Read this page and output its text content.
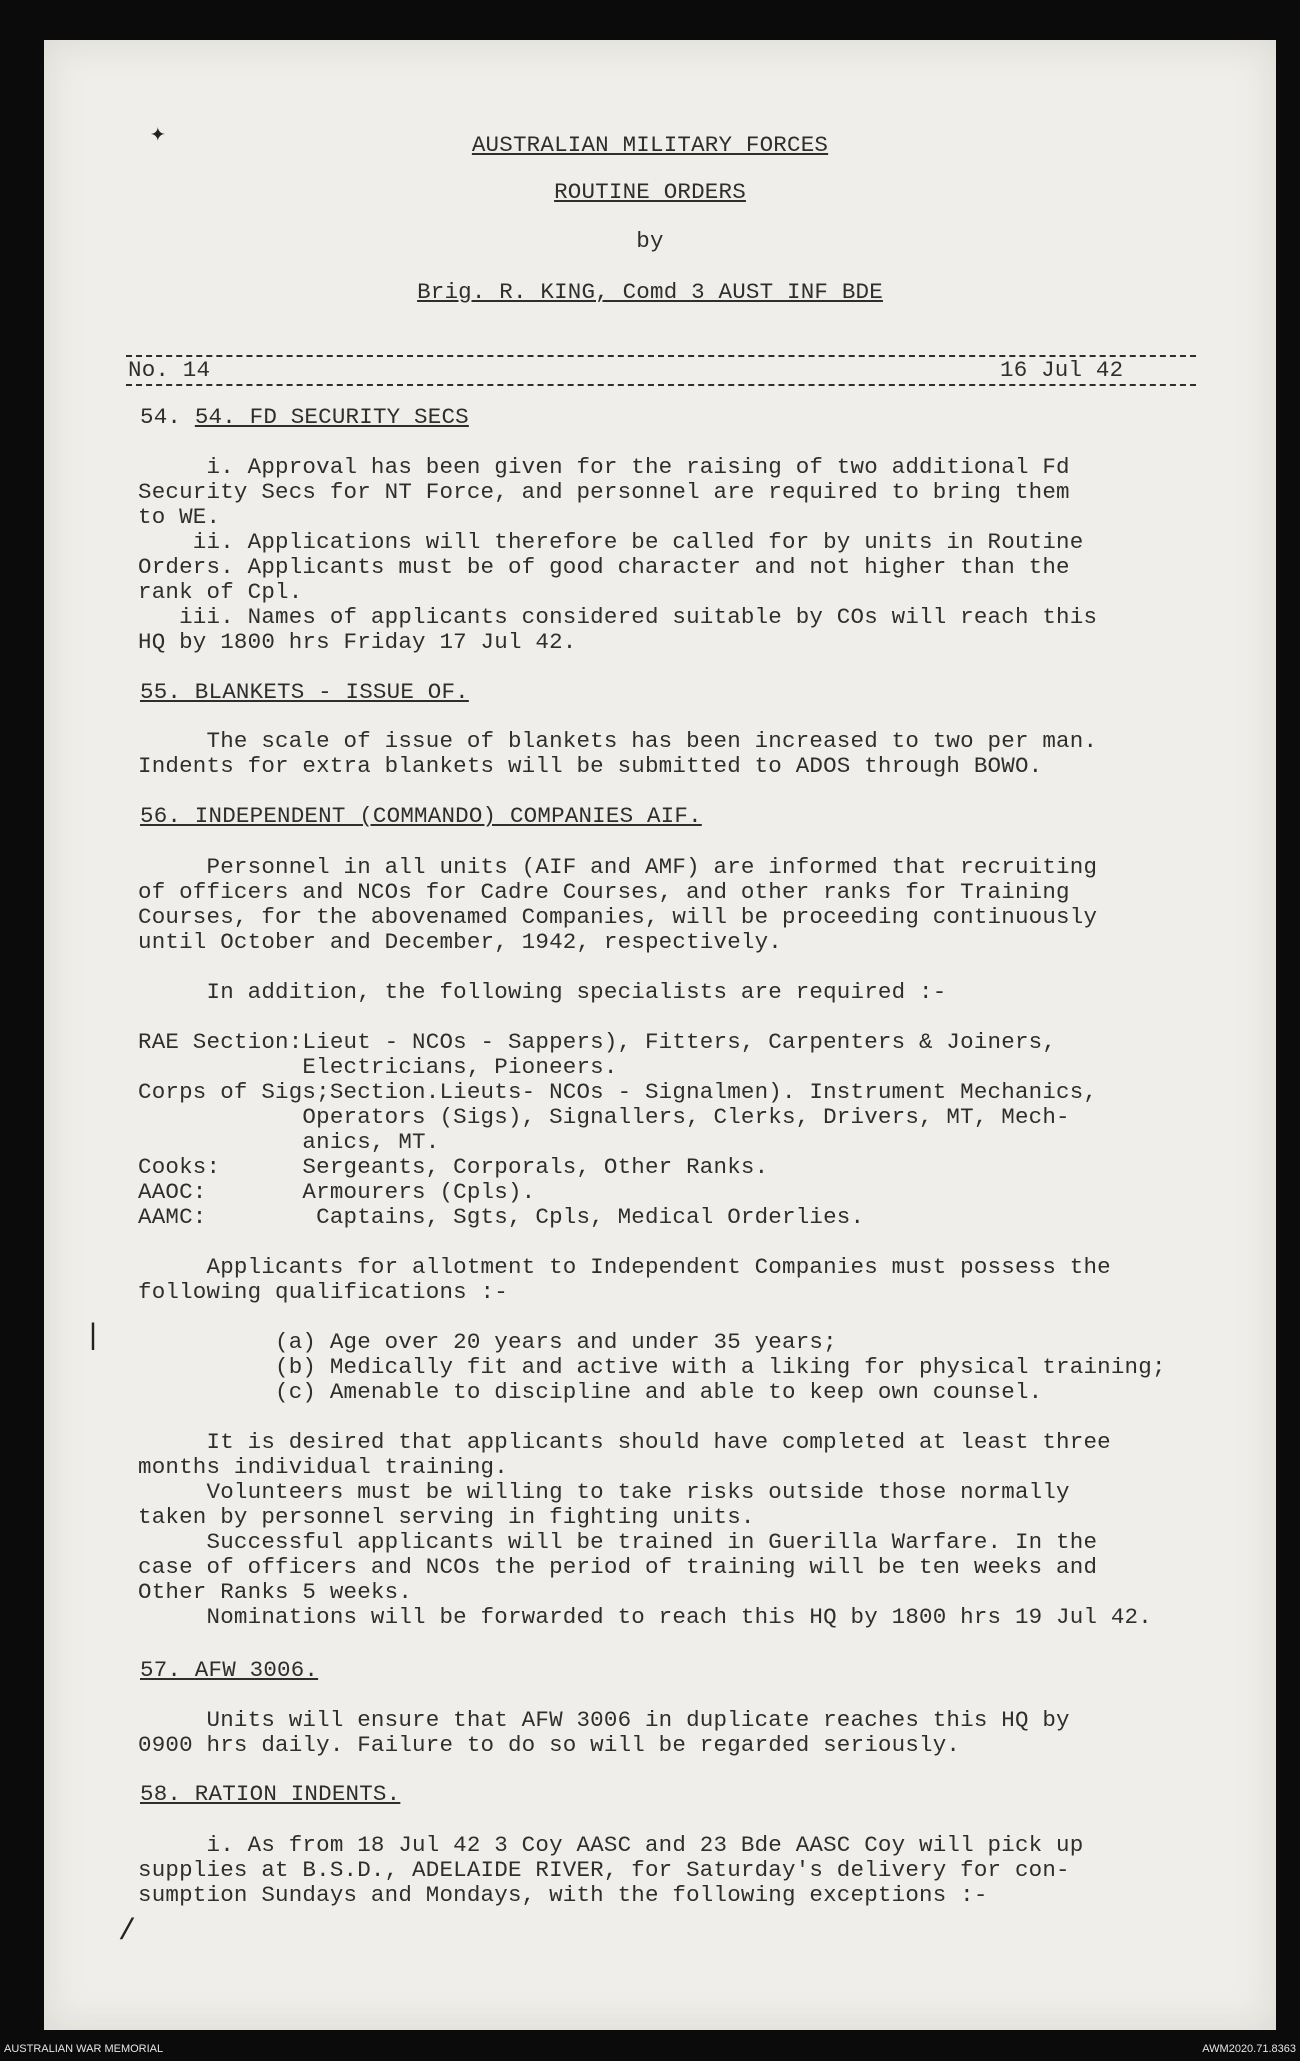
✦
|
/
AUSTRALIAN MILITARY FORCES
ROUTINE ORDERS
by
Brig. R. KING, Comd 3 AUST INF BDE
No. 14	16 Jul 42
54. 54. FD SECURITY SECS
i. Approval has been given for the raising of two additional Fd
Security Secs for NT Force, and personnel are required to bring them
to WE.
ii. Applications will therefore be called for by units in Routine
Orders. Applicants must be of good character and not higher than the
rank of Cpl.
iii. Names of applicants considered suitable by COs will reach this
HQ by 1800 hrs Friday 17 Jul 42.
55. BLANKETS - ISSUE OF.
The scale of issue of blankets has been increased to two per man.
Indents for extra blankets will be submitted to ADOS through BOWO.
56. INDEPENDENT (COMMANDO) COMPANIES AIF.
Personnel in all units (AIF and AMF) are informed that recruiting
of officers and NCOs for Cadre Courses, and other ranks for Training
Courses, for the abovenamed Companies, will be proceeding continuously
until October and December, 1942, respectively.

In addition, the following specialists are required :-

RAE Section:Lieut - NCOs - Sappers), Fitters, Carpenters & Joiners,
Electricians, Pioneers.
Corps of Sigs;Section.Lieuts- NCOs - Signalmen). Instrument Mechanics,
Operators (Sigs), Signallers, Clerks, Drivers, MT, Mech-
anics, MT.
Cooks:      Sergeants, Corporals, Other Ranks.
AAOC:       Armourers (Cpls).
AAMC:        Captains, Sgts, Cpls, Medical Orderlies.

Applicants for allotment to Independent Companies must possess the
following qualifications :-

(a) Age over 20 years and under 35 years;
(b) Medically fit and active with a liking for physical training;
(c) Amenable to discipline and able to keep own counsel.

It is desired that applicants should have completed at least three
months individual training.
Volunteers must be willing to take risks outside those normally
taken by personnel serving in fighting units.
Successful applicants will be trained in Guerilla Warfare. In the
case of officers and NCOs the period of training will be ten weeks and
Other Ranks 5 weeks.
Nominations will be forwarded to reach this HQ by 1800 hrs 19 Jul 42.
57. AFW 3006.
Units will ensure that AFW 3006 in duplicate reaches this HQ by
0900 hrs daily. Failure to do so will be regarded seriously.
58. RATION INDENTS.
i. As from 18 Jul 42 3 Coy AASC and 23 Bde AASC Coy will pick up
supplies at B.S.D., ADELAIDE RIVER, for Saturday's delivery for con-
sumption Sundays and Mondays, with the following exceptions :-
AUSTRALIAN WAR MEMORIAL	AWM2020.71.8363
